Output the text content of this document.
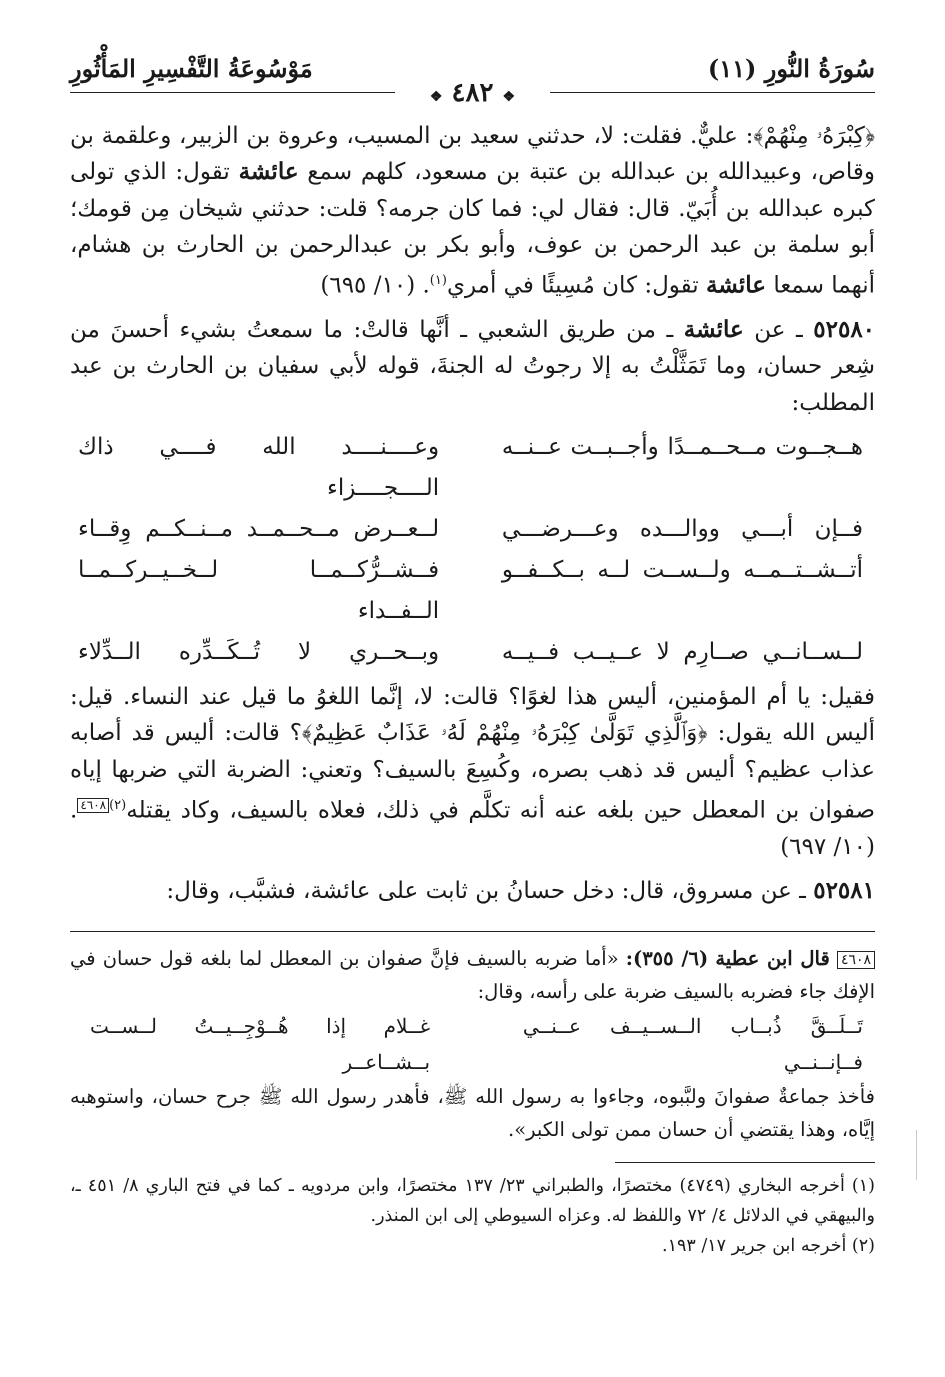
سُورَةُ النُّورِ (١١)
مَوْسُوعَةُ التَّفْسِيرِ المَأْثُورِ
❖ ٤٨٢ ❖

﴿كِبْرَهُۥ مِنْهُمْ﴾: عليٌّ. فقلت: لا، حدثني سعيد بن المسيب، وعروة بن الزبير، وعلقمة بن وقاص، وعبيدالله بن عبدالله بن عتبة بن مسعود، كلهم سمع عائشة تقول: الذي تولى كبره عبدالله بن أُبَيّ. قال: فقال لي: فما كان جرمه؟ قلت: حدثني شيخان مِن قومك؛ أبو سلمة بن عبد الرحمن بن عوف، وأبو بكر بن عبدالرحمن بن الحارث بن هشام، أنهما سمعا عائشة تقول: كان مُسِيئًا في أمري$^{(١)}$. (١٠/ ٦٩٥)

٥٢٥٨٠ ـ عن عائشة ـ من طريق الشعبي ـ أنَّها قالتْ: ما سمعتُ بشيء أحسنَ من شِعر حسان، وما تَمَثَّلْتُ به إلا رجوتُ له الجنةَ، قوله لأبي سفيان بن الحارث بن عبد المطلب:

هــجــوت مــحــمــدًا وأجــبــت عــنــه
وعــــنــــد الله فــــي ذاك الــــجــــزاء
فــإن أبـــي ووالـــده وعـــرضـــي
لــعــرض مــحــمــد مــنــكــم وِقــاء
أتــشــتــمــه ولــســت لــه بــكــفــو
فــشــرُّكــمــا لــخــيــركــمــا الــفــداء
لــســانــي صــارِم لا عــيــب فــيــه
وبــحــري لا تُــكَــدِّره الــدِّلاء

فقيل: يا أم المؤمنين، أليس هذا لغوًا؟ قالت: لا، إنَّما اللغوُ ما قيل عند النساء. قيل: أليس الله يقول: ﴿وَٱلَّذِي تَوَلَّىٰ كِبْرَهُۥ مِنْهُمْ لَهُۥ عَذَابٌ عَظِيمٌ﴾؟ قالت: أليس قد أصابه عذاب عظيم؟ أليس قد ذهب بصره، وكُسِعَ بالسيف؟ وتعني: الضربة التي ضربها إياه صفوان بن المعطل حين بلغه عنه أنه تكلَّم في ذلك، فعلاه بالسيف، وكاد يقتله$^{(٢)}$٤٦٠٨. (١٠/ ٦٩٧)

٥٢٥٨١ ـ عن مسروق، قال: دخل حسانُ بن ثابت على عائشة، فشبَّب، وقال:

٤٦٠٨ قال ابن عطية (٦/ ٣٥٥): «أما ضربه بالسيف فإنَّ صفوان بن المعطل لما بلغه قول حسان في الإفك جاء فضربه بالسيف ضربة على رأسه، وقال:

تَــلَــقَّ ذُبــاب الــســيــف عــنــي فــإنــنــي
غــلام إذا هُــوْجِــيــتُ لــســت بــشــاعــر

فأخذ جماعةٌ صفوانَ ولبَّبوه، وجاءوا به رسول الله ﷺ، فأهدر رسول الله ﷺ جرح حسان، واستوهبه إيَّاه، وهذا يقتضي أن حسان ممن تولى الكبر».

(١) أخرجه البخاري (٤٧٤٩) مختصرًا، والطبراني ٢٣/ ١٣٧ مختصرًا، وابن مردويه ـ كما في فتح الباري ٨/ ٤٥١ ـ، والبيهقي في الدلائل ٤/ ٧٢ واللفظ له. وعزاه السيوطي إلى ابن المنذر.

(٢) أخرجه ابن جرير ١٧/ ١٩٣.
